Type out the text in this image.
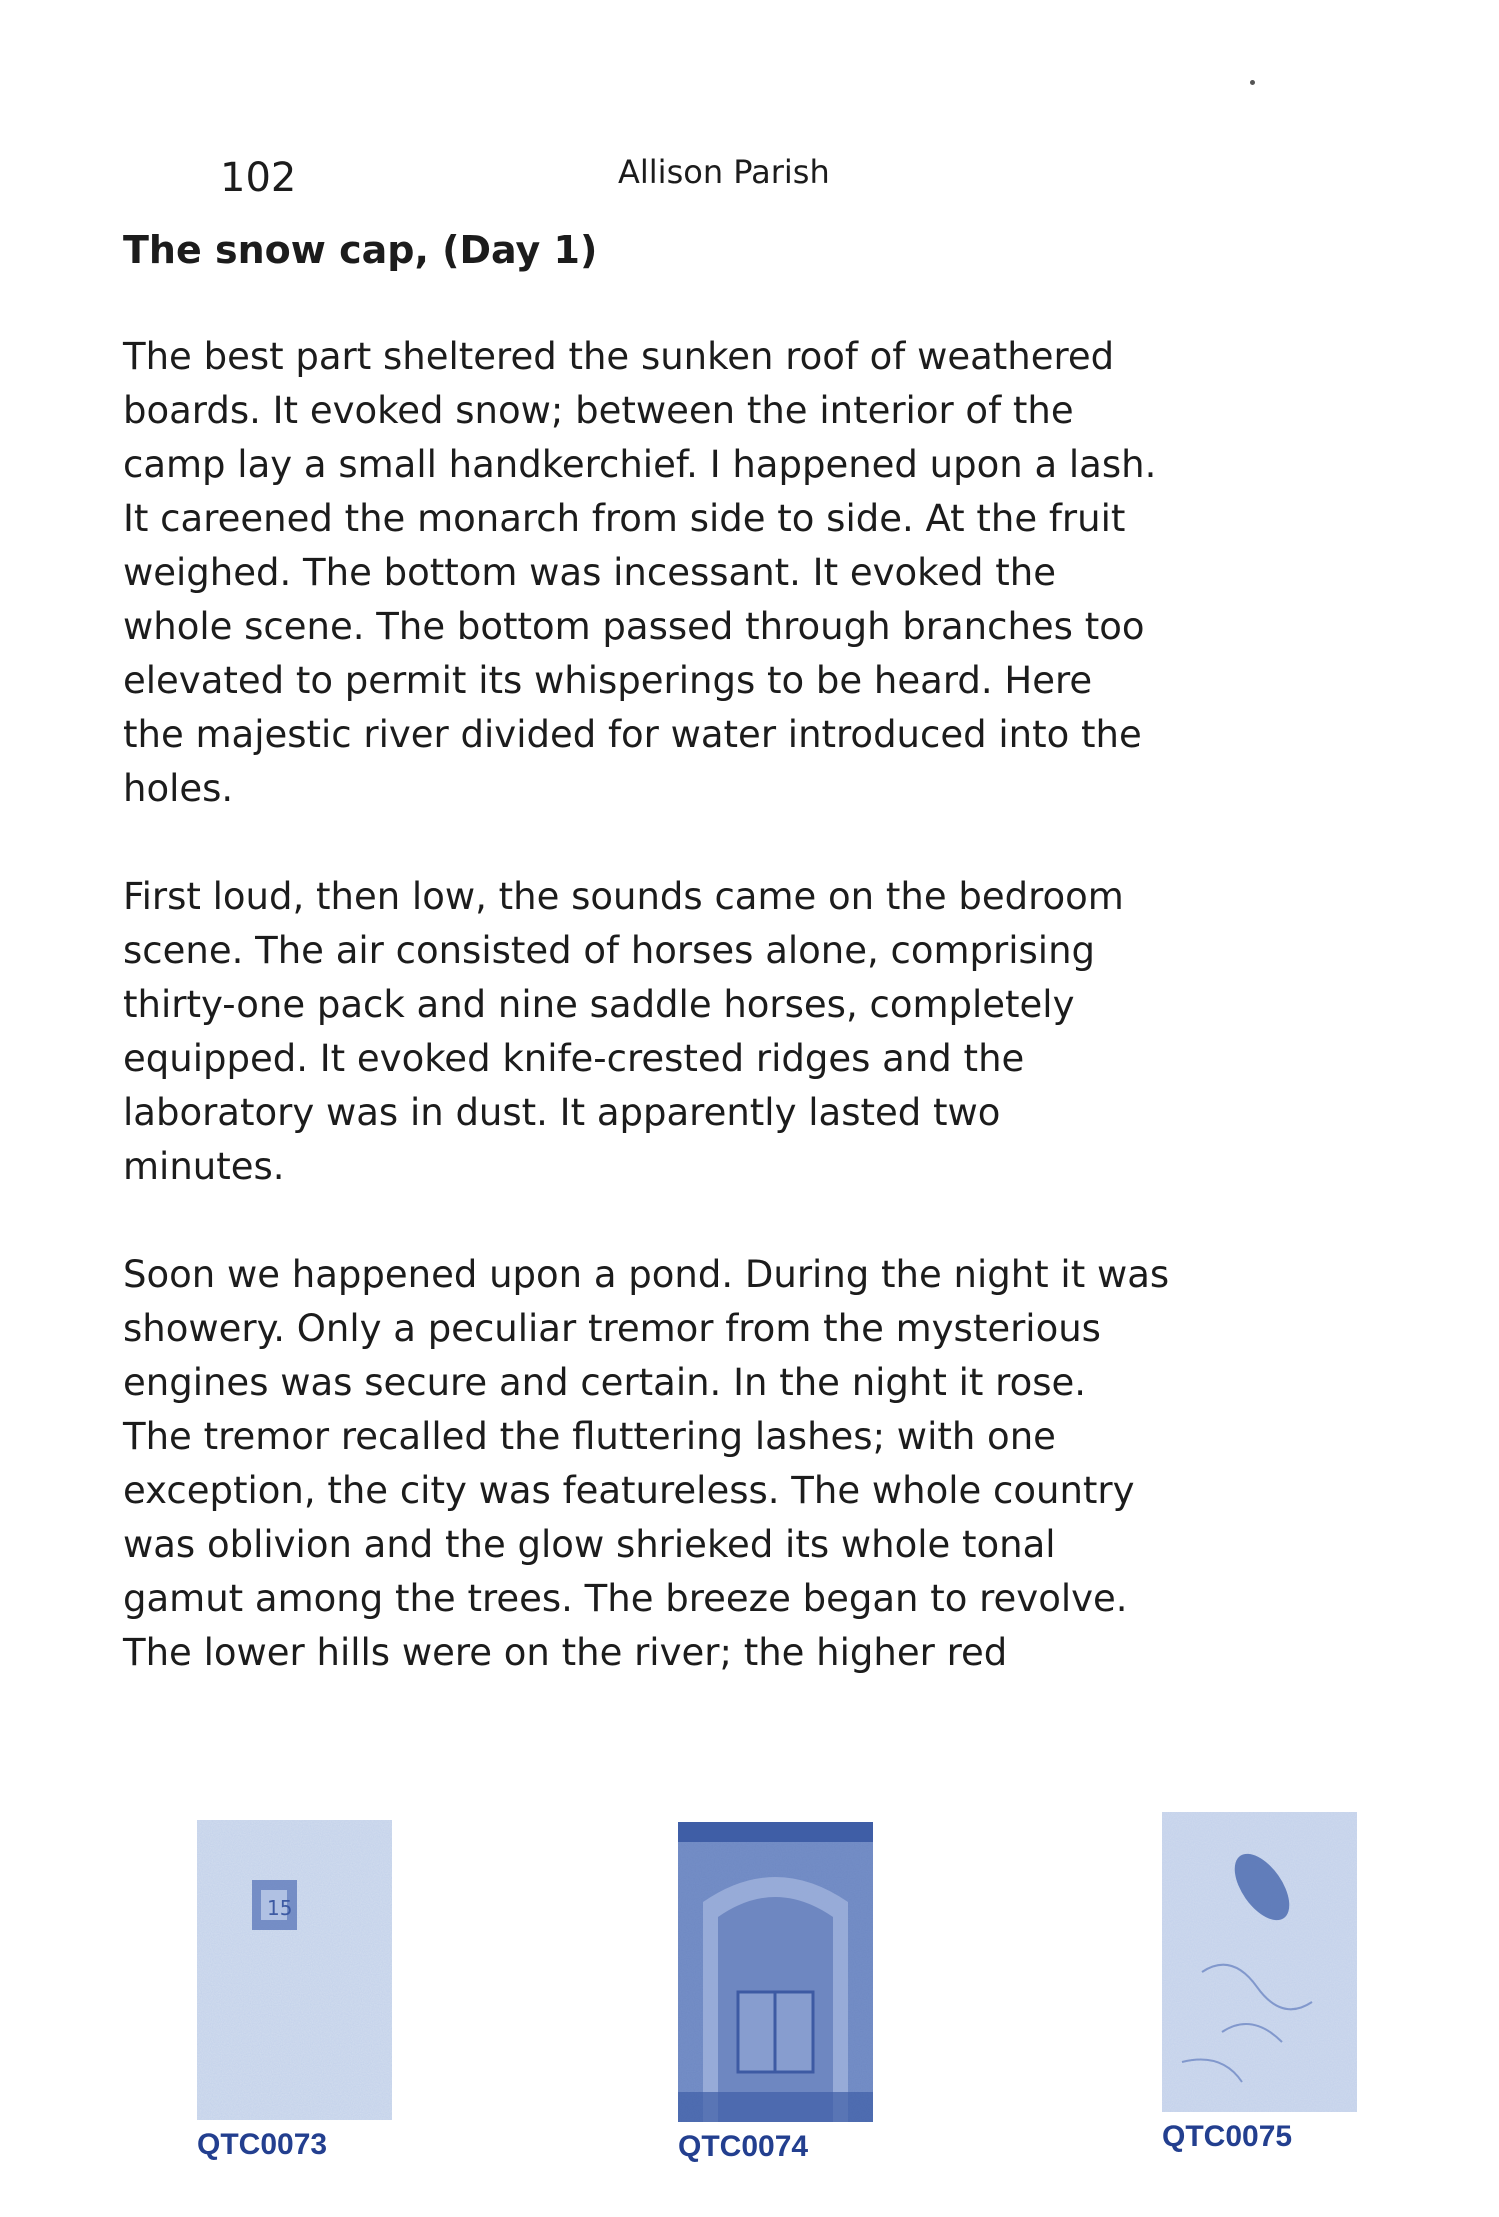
102	Allison Parish
The snow cap, (Day 1)

The best part sheltered the sunken roof of weathered
boards. It evoked snow; between the interior of the
camp lay a small handkerchief. I happened upon a lash.
It careened the monarch from side to side. At the fruit
weighed. The bottom was incessant. It evoked the
whole scene. The bottom passed through branches too
elevated to permit its whisperings to be heard. Here
the majestic river divided for water introduced into the
holes.

First loud, then low, the sounds came on the bedroom
scene. The air consisted of horses alone, comprising
thirty-one pack and nine saddle horses, completely
equipped. It evoked knife-crested ridges and the
laboratory was in dust. It apparently lasted two
minutes.

Soon we happened upon a pond. During the night it was
showery. Only a peculiar tremor from the mysterious
engines was secure and certain. In the night it rose.
The tremor recalled the fluttering lashes; with one
exception, the city was featureless. The whole country
was oblivion and the glow shrieked its whole tonal
gamut among the trees. The breeze began to revolve.
The lower hills were on the river; the higher red

15
QTC0073	QTC0074	QTC0075
